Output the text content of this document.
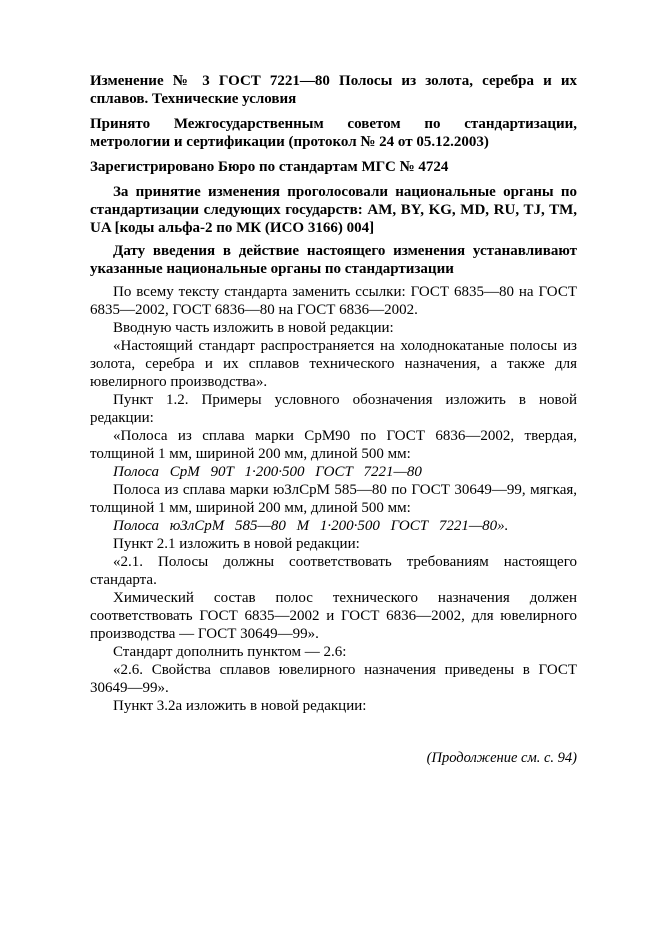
Изменение № 3 ГОСТ 7221—80 Полосы из золота, серебра и их сплавов. Технические условия

Принято Межгосударственным советом по стандартизации, метрологии и сертификации (протокол № 24 от 05.12.2003)

Зарегистрировано Бюро по стандартам МГС № 4724

За принятие изменения проголосовали национальные органы по стандартизации следующих государств: AM, BY, KG, MD, RU, TJ, TM, UA [коды альфа-2 по МК (ИСО 3166) 004]

Дату введения в действие настоящего изменения устанавливают указанные национальные органы по стандартизации

По всему тексту стандарта заменить ссылки: ГОСТ 6835—80 на ГОСТ 6835—2002, ГОСТ 6836—80 на ГОСТ 6836—2002.

Вводную часть изложить в новой редакции:

«Настоящий стандарт распространяется на холоднокатаные полосы из золота, серебра и их сплавов технического назначения, а также для ювелирного производства».

Пункт 1.2. Примеры условного обозначения изложить в новой редакции:

«Полоса из сплава марки СрМ90 по ГОСТ 6836—2002, твердая, толщиной 1 мм, шириной 200 мм, длиной 500 мм:

Полоса СрМ 90Т 1·200·500 ГОСТ 7221—80

Полоса из сплава марки юЗлСрМ 585—80 по ГОСТ 30649—99, мягкая, толщиной 1 мм, шириной 200 мм, длиной 500 мм:

Полоса юЗлСрМ 585—80 М 1·200·500 ГОСТ 7221—80».

Пункт 2.1 изложить в новой редакции:

«2.1. Полосы должны соответствовать требованиям настоящего стандарта.

Химический состав полос технического назначения должен соответствовать ГОСТ 6835—2002 и ГОСТ 6836—2002, для ювелирного производства — ГОСТ 30649—99».

Стандарт дополнить пунктом — 2.6:

«2.6. Свойства сплавов ювелирного назначения приведены в ГОСТ 30649—99».

Пункт 3.2а изложить в новой редакции:

(Продолжение см. с. 94)
